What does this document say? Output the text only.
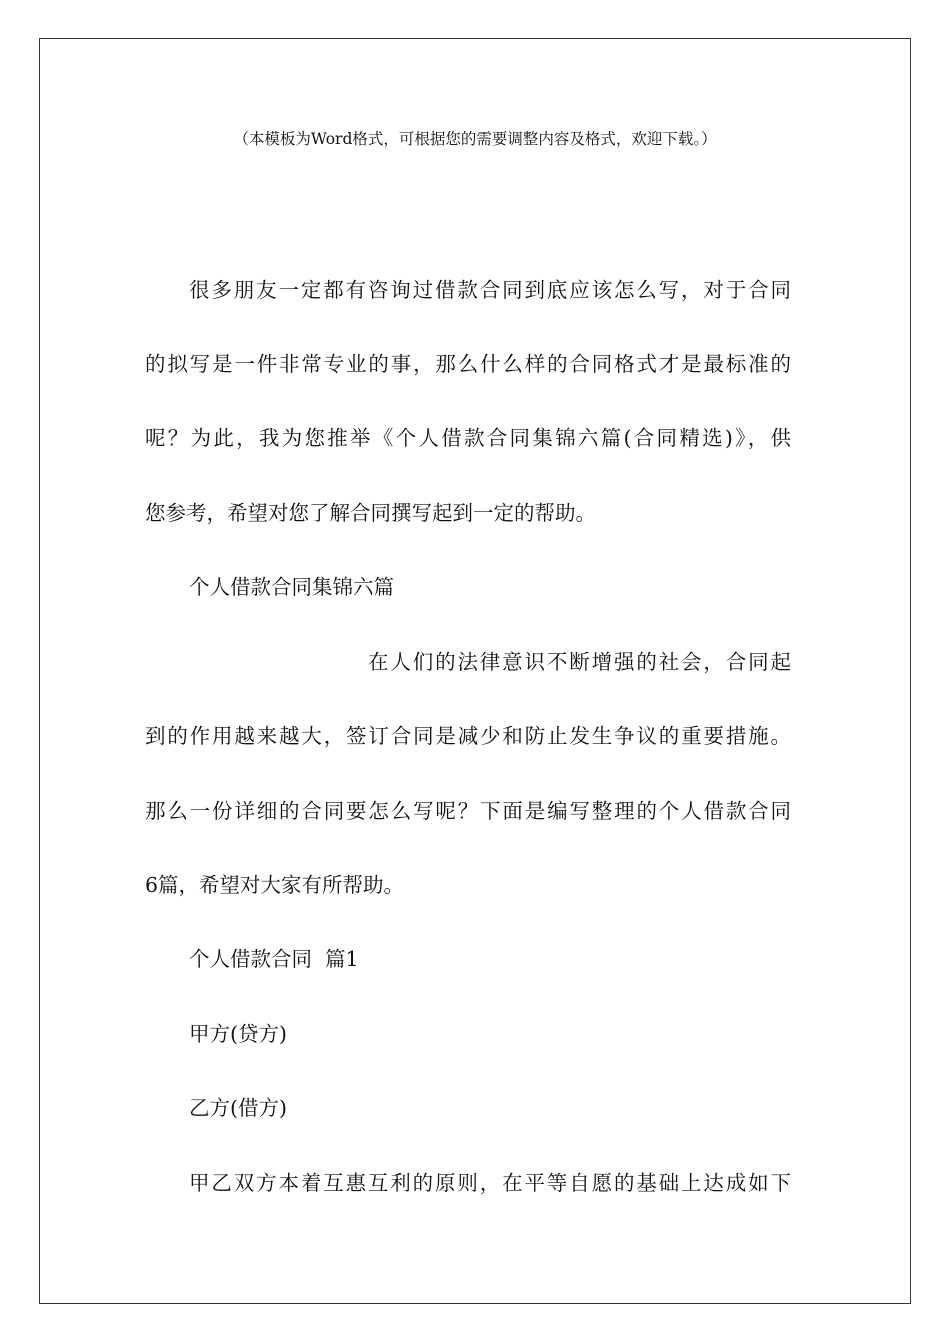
（本模板为Word格式，可根据您的需要调整内容及格式，欢迎下载。）
很多朋友一定都有咨询过借款合同到底应该怎么写，对于合同
的拟写是一件非常专业的事，那么什么样的合同格式才是最标准的
呢？为此，我为您推举《个人借款合同集锦六篇(合同精选)》，供
您参考，希望对您了解合同撰写起到一定的帮助。
个人借款合同集锦六篇
在人们的法律意识不断增强的社会，合同起
到的作用越来越大，签订合同是减少和防止发生争议的重要措施。
那么一份详细的合同要怎么写呢？下面是编写整理的个人借款合同
6篇，希望对大家有所帮助。
个人借款合同  篇1
甲方(贷方)
乙方(借方)
甲乙双方本着互惠互利的原则，在平等自愿的基础上达成如下
